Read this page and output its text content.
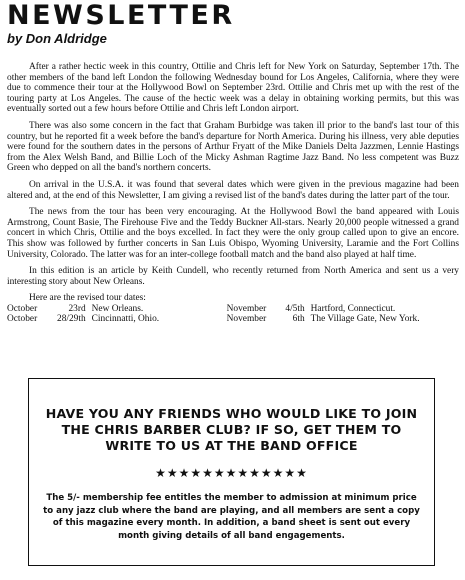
NEWSLETTER
by Don Aldridge

After a rather hectic week in this country, Ottilie and Chris left for New York on Saturday, September 17th. The other members of the band left London the following Wednesday bound for Los Angeles, California, where they were due to commence their tour at the Hollywood Bowl on September 23rd. Ottilie and Chris met up with the rest of the touring party at Los Angeles. The cause of the hectic week was a delay in obtaining working permits, but this was eventually sorted out a few hours before Ottilie and Chris left London airport.

There was also some concern in the fact that Graham Burbidge was taken ill prior to the band's last tour of this country, but he reported fit a week before the band's departure for North America. During his illness, very able deputies were found for the southern dates in the persons of Arthur Fryatt of the Mike Daniels Delta Jazzmen, Lennie Hastings from the Alex Welsh Band, and Billie Loch of the Micky Ashman Ragtime Jazz Band. No less competent was Buzz Green who depped on all the band's northern concerts.

On arrival in the U.S.A. it was found that several dates which were given in the previous magazine had been altered and, at the end of this Newsletter, I am giving a revised list of the band's dates during the latter part of the tour.

The news from the tour has been very encouraging. At the Hollywood Bowl the band appeared with Louis Armstrong, Count Basie, The Firehouse Five and the Teddy Buckner All-stars. Nearly 20,000 people witnessed a grand concert in which Chris, Ottilie and the boys excelled. In fact they were the only group called upon to give an encore. This show was followed by further concerts in San Luis Obispo, Wyoming University, Laramie and the Fort Collins University, Colorado. The latter was for an inter-college football match and the band also played at half time.

In this edition is an article by Keith Cundell, who recently returned from North America and sent us a very interesting story about New Orleans.

Here are the revised tour dates:
October	23rd	New Orleans.	November	4/5th	Hartford, Connecticut.
October	28/29th	Cincinnatti, Ohio.	November	6th	The Village Gate, New York.
HAVE YOU ANY FRIENDS WHO WOULD LIKE TO JOIN THE CHRIS BARBER CLUB? IF SO, GET THEM TO WRITE TO US AT THE BAND OFFICE
★★★★★★★★★★★★★
The 5/- membership fee entitles the member to admission at minimum price to any jazz club where the band are playing, and all members are sent a copy of this magazine every month. In addition, a band sheet is sent out every month giving details of all band engagements.
